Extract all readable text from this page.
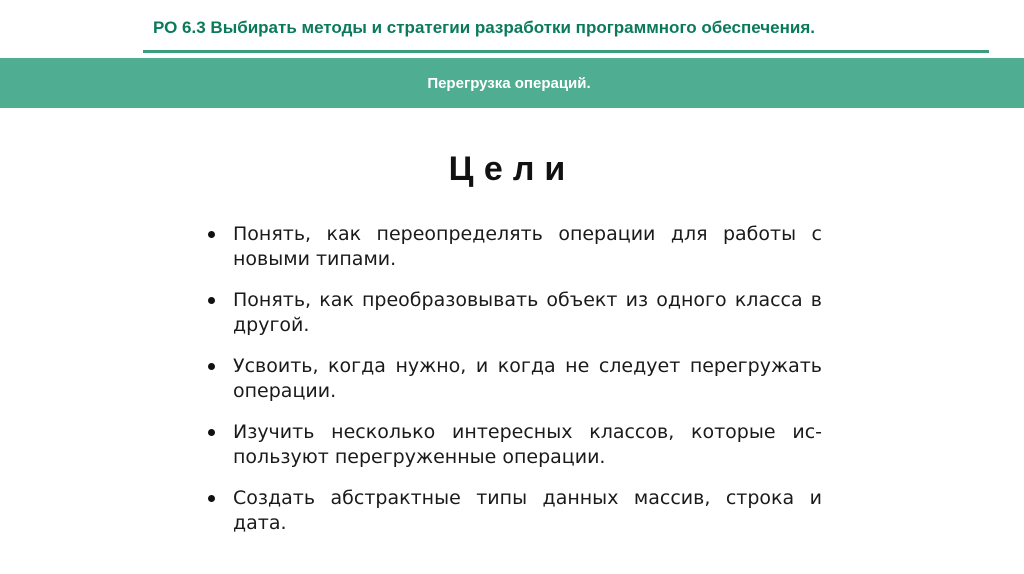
РО 6.3 Выбирать методы и стратегии разработки программного обеспечения.
Перегрузка операций.
Цели
Понять, как переопределять операции для работы с новыми типами.
Понять, как преобразовывать объект из одного класса в другой.
Усвоить, когда нужно, и когда не следует перегружать операции.
Изучить несколько интересных классов, которые ис-пользуют перегруженные операции.
Создать абстрактные типы данных массив, строка и дата.
